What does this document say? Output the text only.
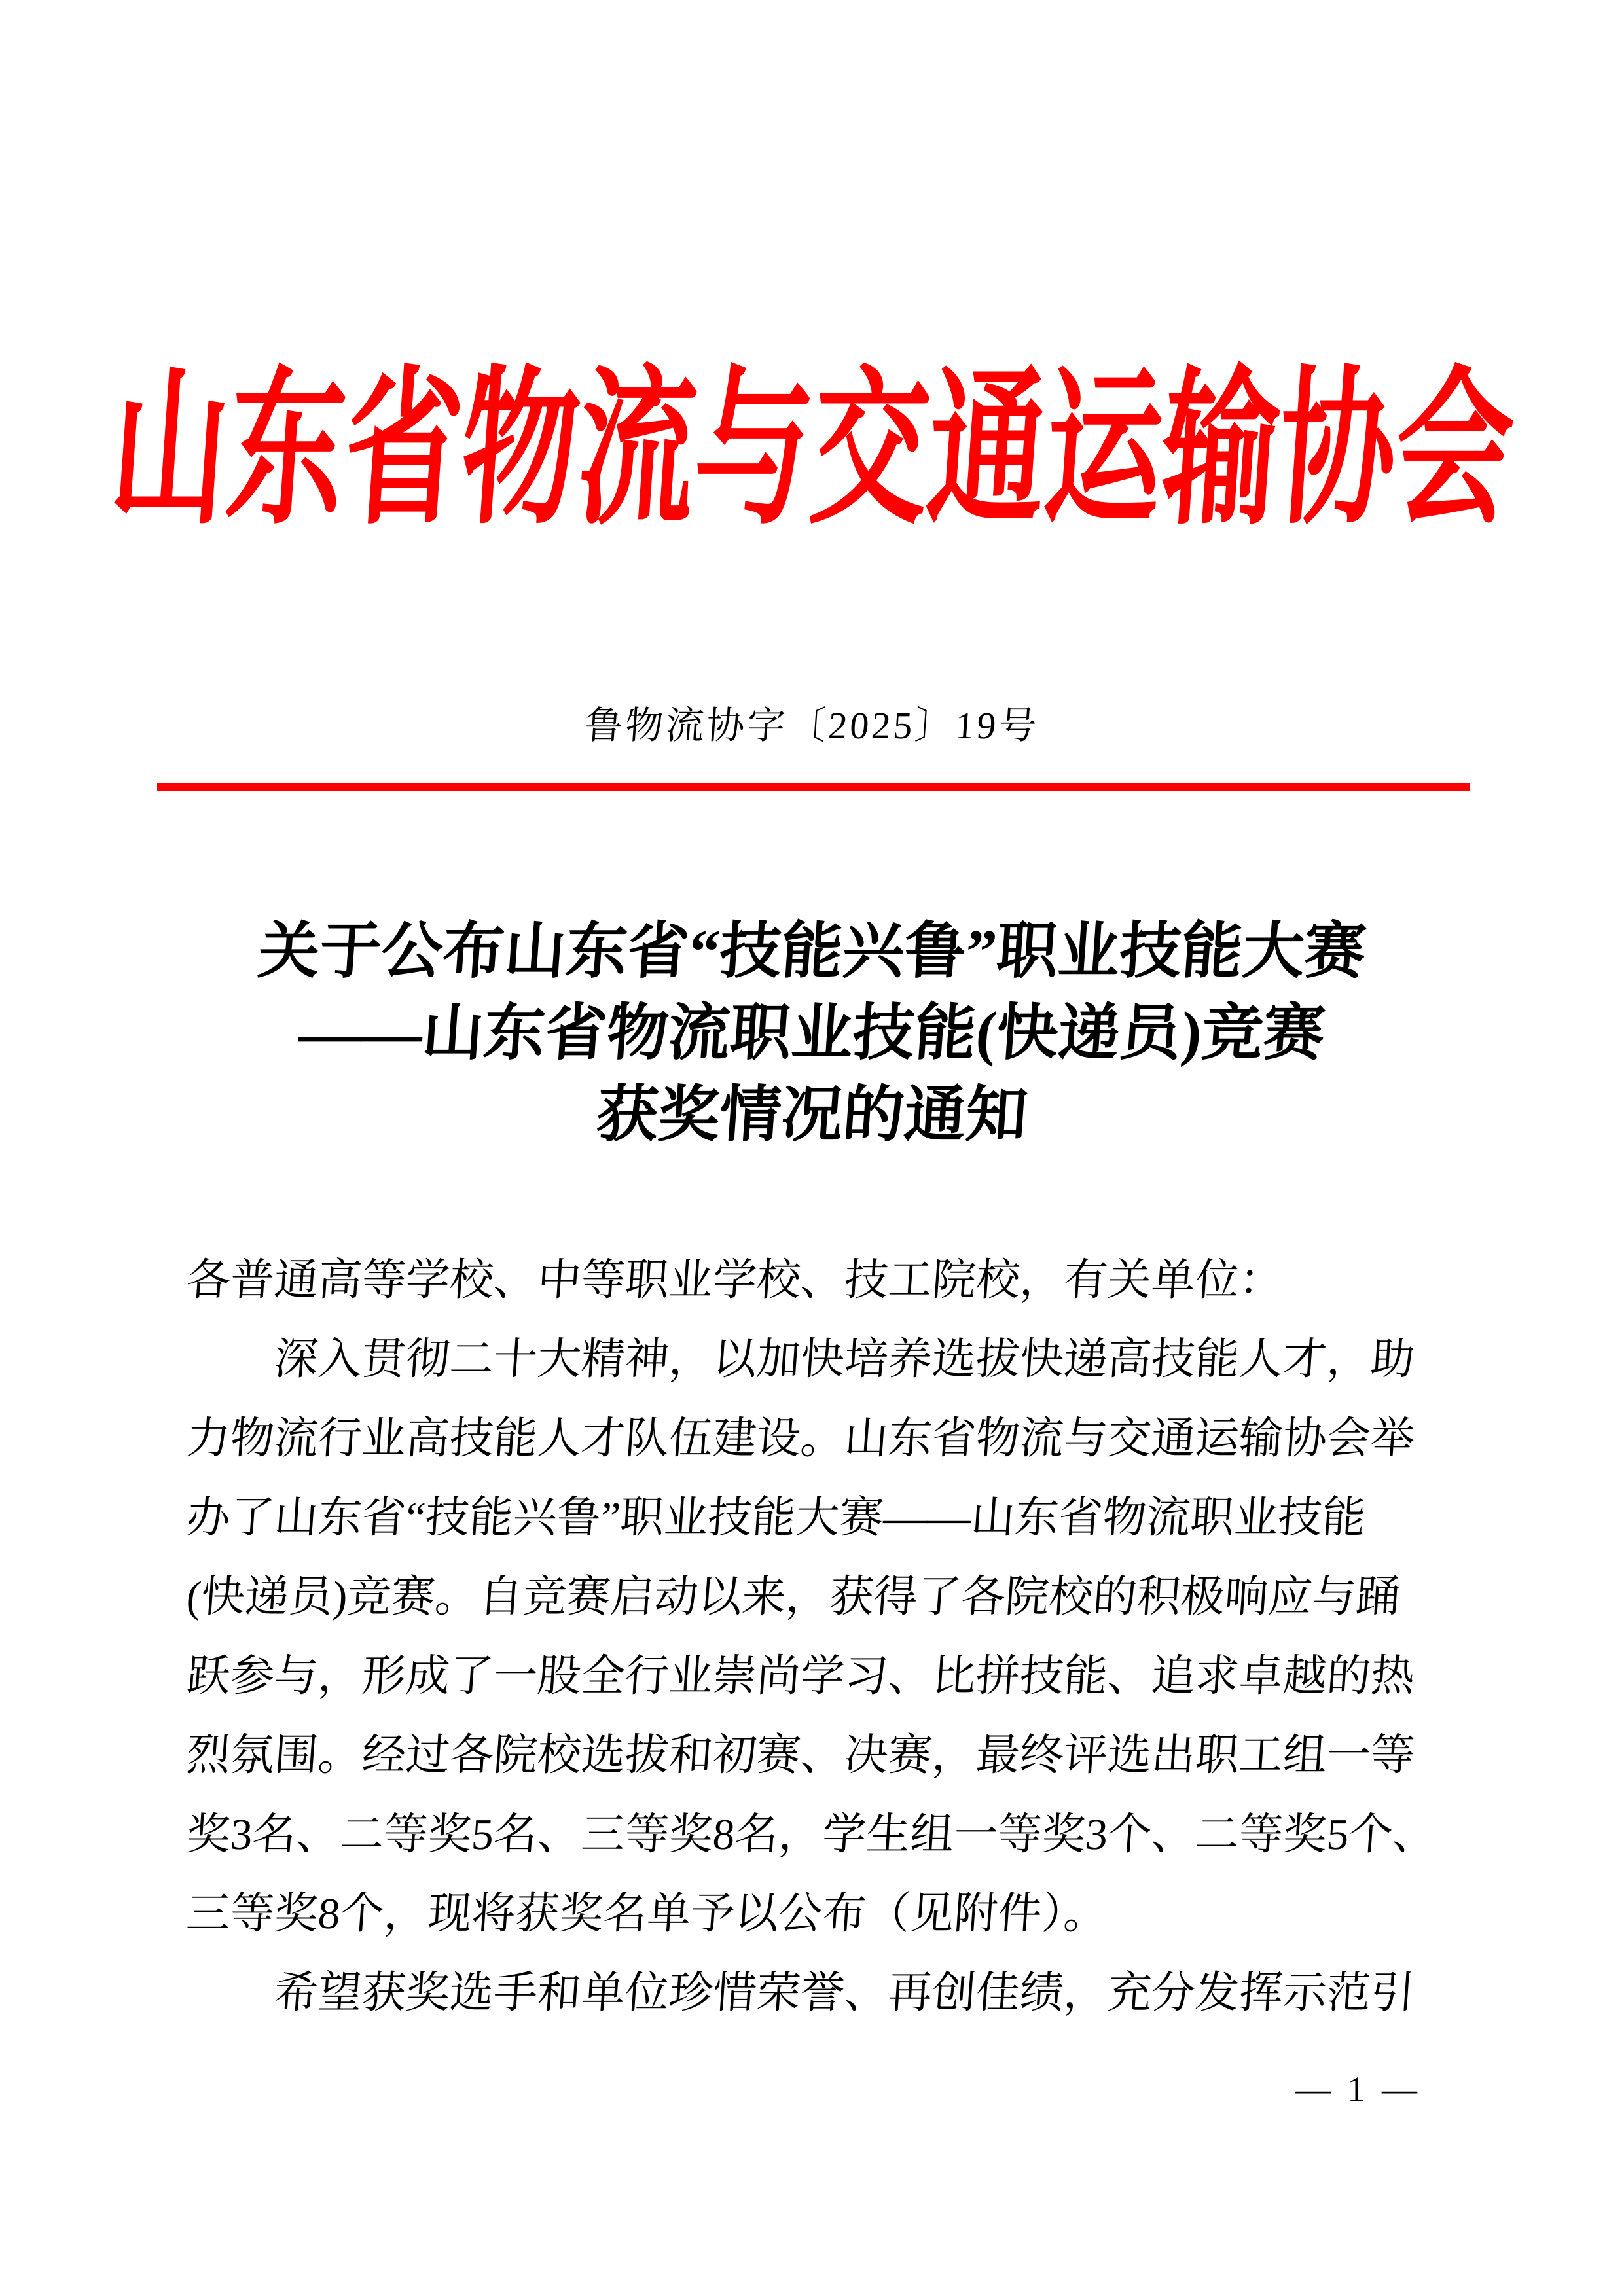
山东省物流与交通运输协会
鲁物流协字〔2025〕19号
关于公布山东省“技能兴鲁”职业技能大赛
——山东省物流职业技能(快递员)竞赛
获奖情况的通知
各普通高等学校、中等职业学校、技工院校，有关单位：
深入贯彻二十大精神，以加快培养选拔快递高技能人才，助
力物流行业高技能人才队伍建设。山东省物流与交通运输协会举
办了山东省“技能兴鲁”职业技能大赛——山东省物流职业技能
(快递员)竞赛。自竞赛启动以来，获得了各院校的积极响应与踊
跃参与，形成了一股全行业崇尚学习、比拼技能、追求卓越的热
烈氛围。经过各院校选拔和初赛、决赛，最终评选出职工组一等
奖3名、二等奖5名、三等奖8名，学生组一等奖3个、二等奖5个、
三等奖8个，现将获奖名单予以公布（见附件）。
希望获奖选手和单位珍惜荣誉、再创佳绩，充分发挥示范引
— 1 —
